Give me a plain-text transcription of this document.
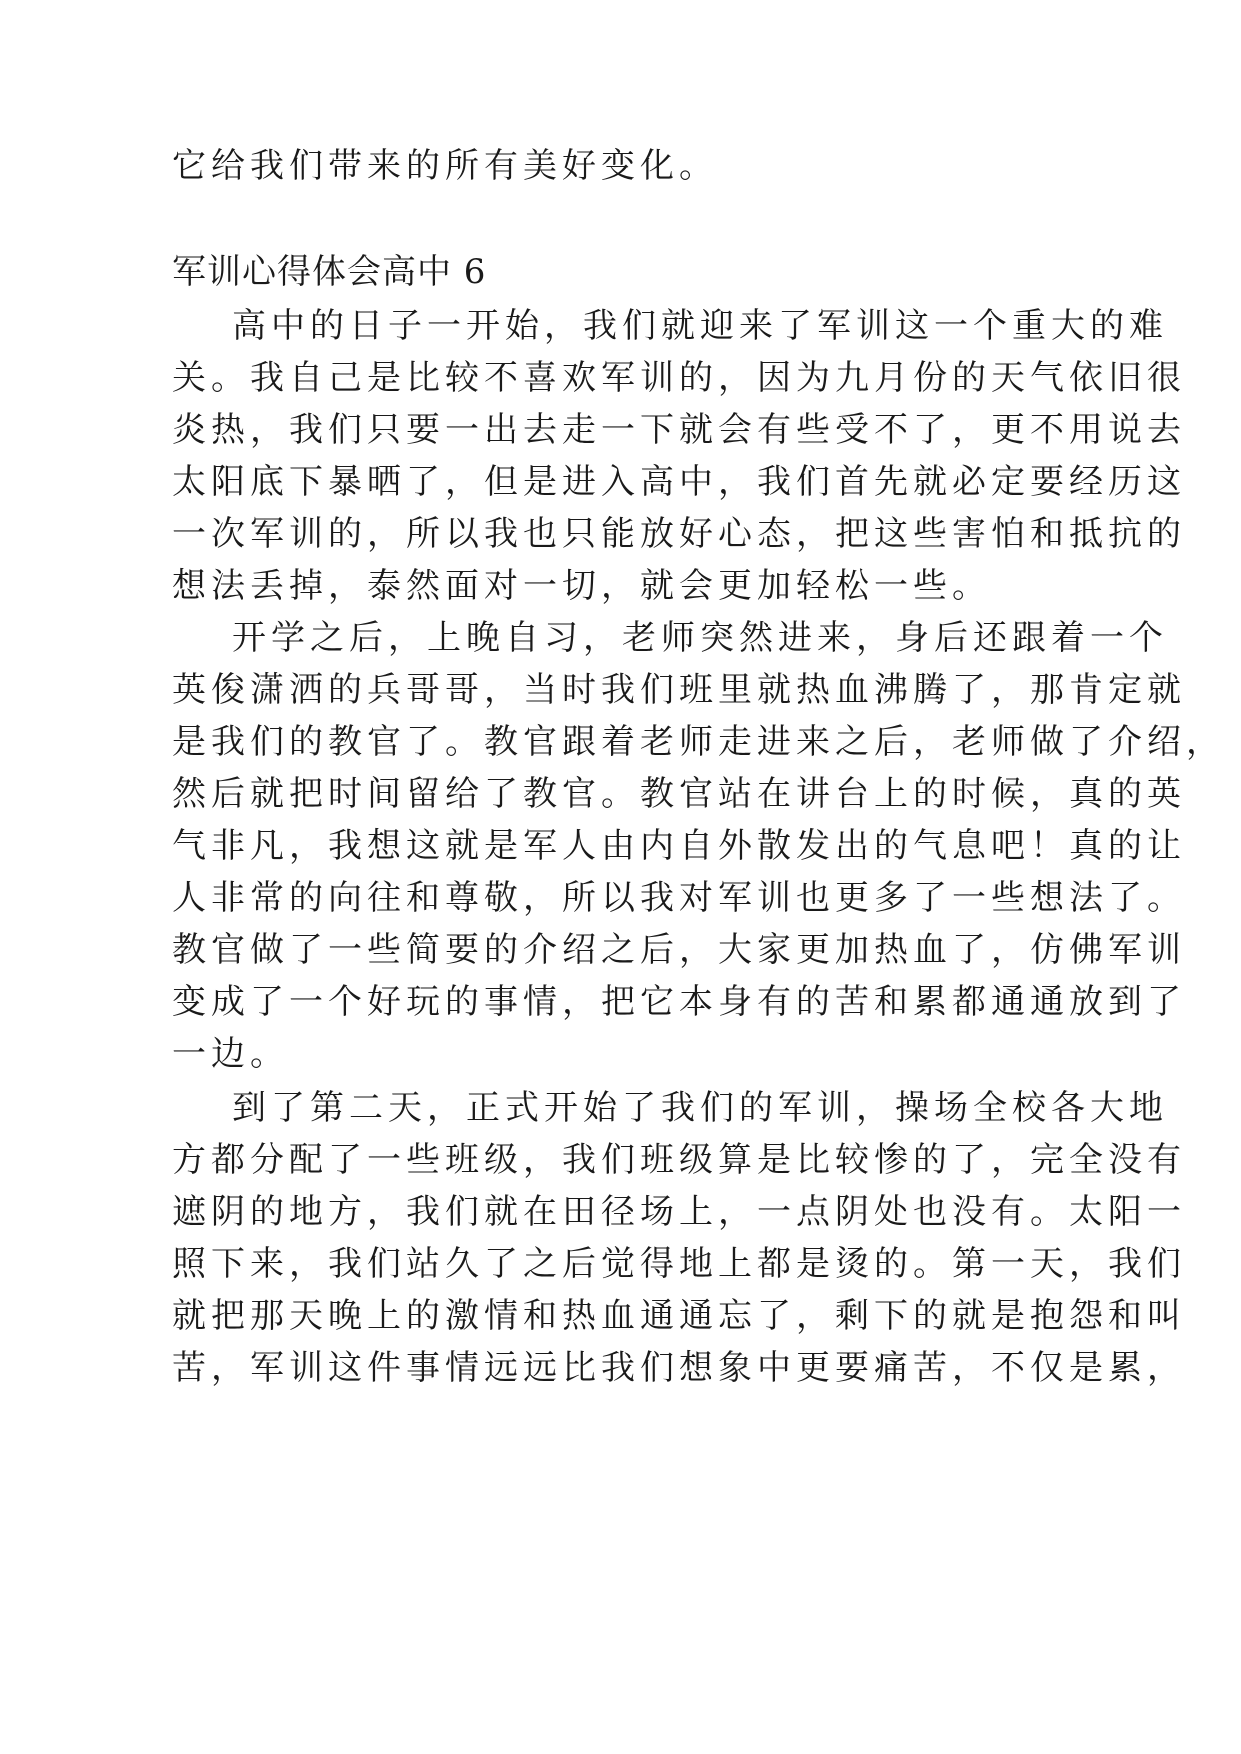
它给我们带来的所有美好变化。
军训心得体会高中 6
高中的日子一开始，我们就迎来了军训这一个重大的难
关。我自己是比较不喜欢军训的，因为九月份的天气依旧很
炎热，我们只要一出去走一下就会有些受不了，更不用说去
太阳底下暴晒了，但是进入高中，我们首先就必定要经历这
一次军训的，所以我也只能放好心态，把这些害怕和抵抗的
想法丢掉，泰然面对一切，就会更加轻松一些。
开学之后，上晚自习，老师突然进来，身后还跟着一个
英俊潇洒的兵哥哥，当时我们班里就热血沸腾了，那肯定就
是我们的教官了。教官跟着老师走进来之后，老师做了介绍，
然后就把时间留给了教官。教官站在讲台上的时候，真的英
气非凡，我想这就是军人由内自外散发出的气息吧！真的让
人非常的向往和尊敬，所以我对军训也更多了一些想法了。
教官做了一些简要的介绍之后，大家更加热血了，仿佛军训
变成了一个好玩的事情，把它本身有的苦和累都通通放到了
一边。
到了第二天，正式开始了我们的军训，操场全校各大地
方都分配了一些班级，我们班级算是比较惨的了，完全没有
遮阴的地方，我们就在田径场上，一点阴处也没有。太阳一
照下来，我们站久了之后觉得地上都是烫的。第一天，我们
就把那天晚上的激情和热血通通忘了，剩下的就是抱怨和叫
苦，军训这件事情远远比我们想象中更要痛苦，不仅是累，
